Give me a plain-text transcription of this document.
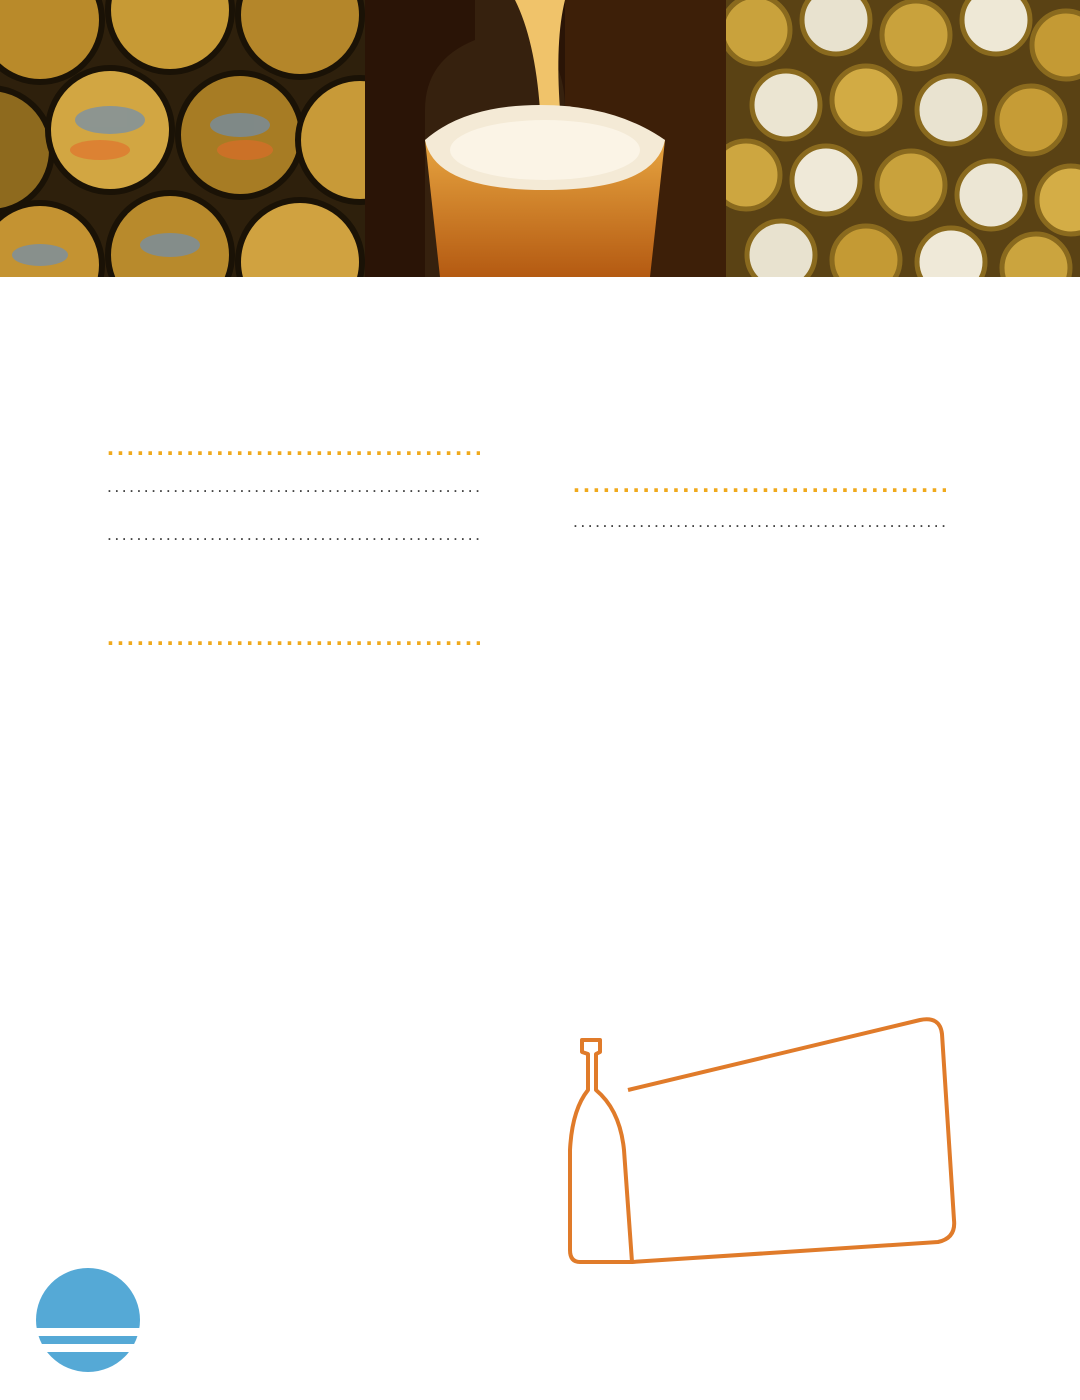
.....
.....
.....
.....
.....
.....
